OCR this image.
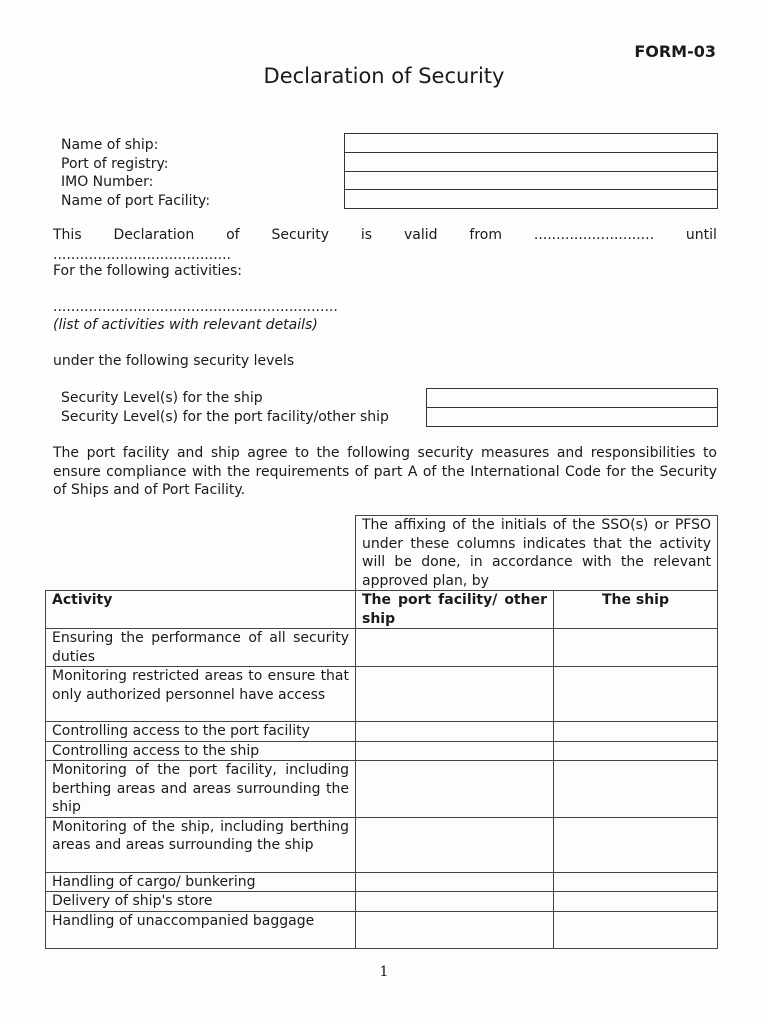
FORM-03
Declaration of Security
Name of ship:
Port of registry:
IMO Number:
Name of port Facility:
This Declaration of Security is valid from ........................... until
........................................
For the following activities:
................................................................
(list of activities with relevant details)
under the following security levels
Security Level(s) for the ship
Security Level(s) for the port facility/other ship
The port facility and ship agree to the following security measures and responsibilities to ensure compliance with the requirements of part A of the International Code for the Security of Ships and of Port Facility.
	The affixing of the initials of the SSO(s) or PFSO under these columns indicates that the activity will be done, in accordance with the relevant approved plan, by	
Activity	The port facility/ other ship	The ship
Ensuring the performance of all security duties		
Monitoring restricted areas to ensure that only authorized personnel have access		
Controlling access to the port facility		
Controlling access to the ship		
Monitoring of the port facility, including berthing areas and areas surrounding the ship		
Monitoring of the ship, including berthing areas and areas surrounding the ship		
Handling of cargo/ bunkering		
Delivery of ship's store		
Handling of unaccompanied baggage		
1
